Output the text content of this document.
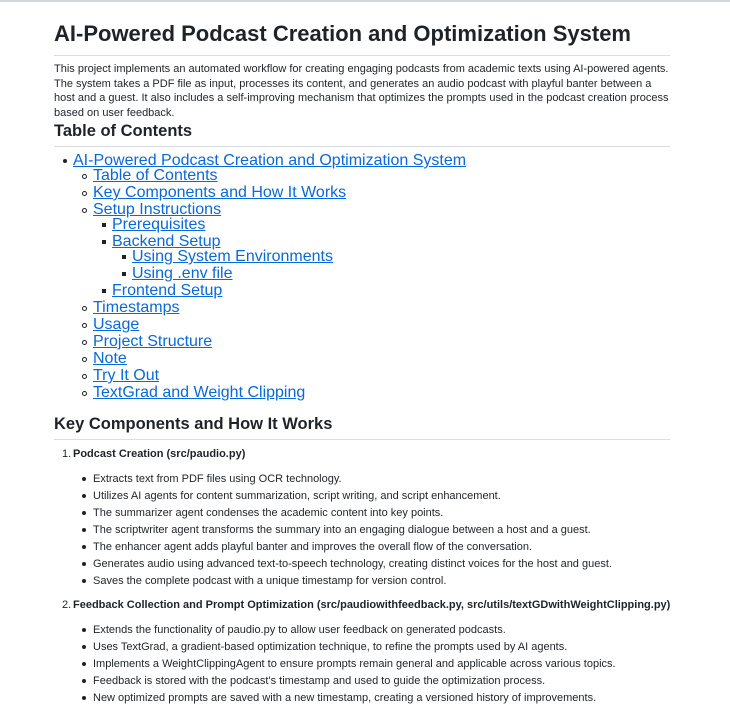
AI-Powered Podcast Creation and Optimization System

This project implements an automated workflow for creating engaging podcasts from academic texts using AI-powered agents. The system takes a PDF file as input, processes its content, and generates an audio podcast with playful banter between a host and a guest. It also includes a self-improving mechanism that optimizes the prompts used in the podcast creation process based on user feedback.

Table of Contents
AI-Powered Podcast Creation and Optimization System
Table of Contents
Key Components and How It Works
Setup Instructions
Prerequisites
Backend Setup
Using System Environments
Using .env file
Frontend Setup
Timestamps
Usage
Project Structure
Note
Try It Out
TextGrad and Weight Clipping
Key Components and How It Works
1. Podcast Creation (src/paudio.py)
Extracts text from PDF files using OCR technology.
Utilizes AI agents for content summarization, script writing, and script enhancement.
The summarizer agent condenses the academic content into key points.
The scriptwriter agent transforms the summary into an engaging dialogue between a host and a guest.
The enhancer agent adds playful banter and improves the overall flow of the conversation.
Generates audio using advanced text-to-speech technology, creating distinct voices for the host and guest.
Saves the complete podcast with a unique timestamp for version control.
2. Feedback Collection and Prompt Optimization (src/paudiowithfeedback.py, src/utils/textGDwithWeightClipping.py)
Extends the functionality of paudio.py to allow user feedback on generated podcasts.
Uses TextGrad, a gradient-based optimization technique, to refine the prompts used by AI agents.
Implements a WeightClippingAgent to ensure prompts remain general and applicable across various topics.
Feedback is stored with the podcast's timestamp and used to guide the optimization process.
New optimized prompts are saved with a new timestamp, creating a versioned history of improvements.
